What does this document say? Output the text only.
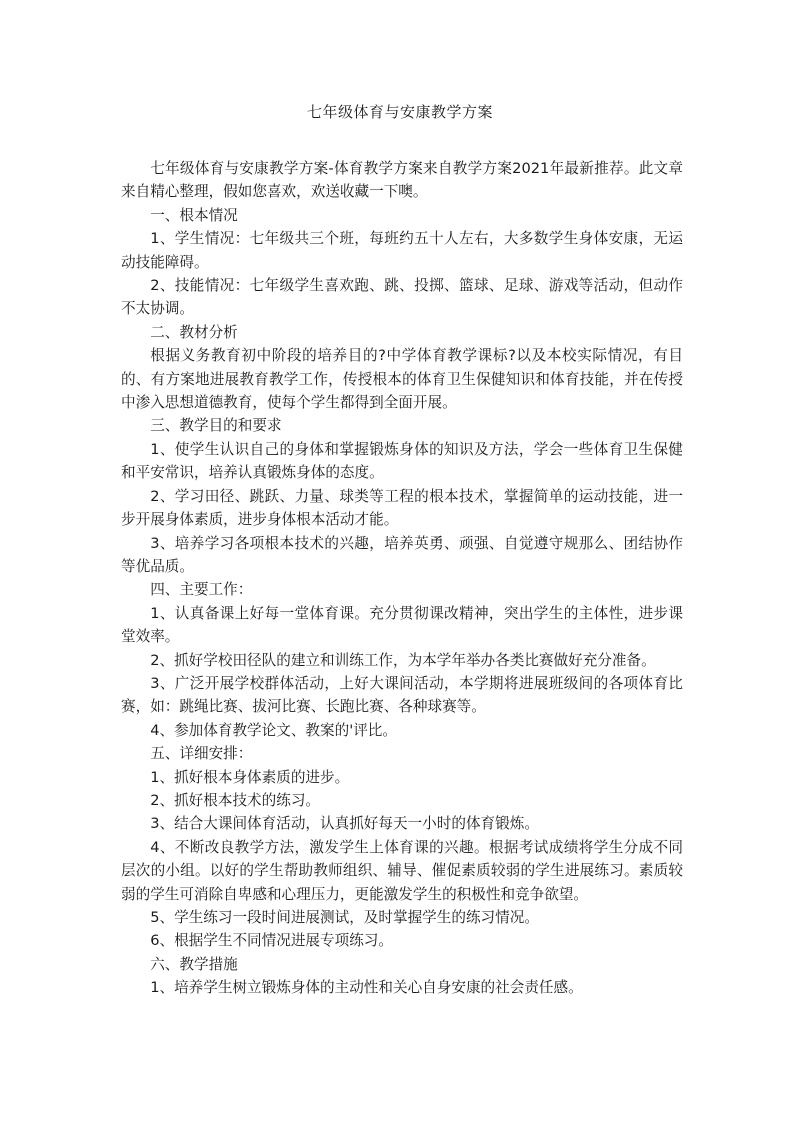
七年级体育与安康教学方案

七年级体育与安康教学方案-体育教学方案来自教学方案2021年最新推荐。此文章来自精心整理，假如您喜欢，欢送收藏一下噢。

一、根本情况

1、学生情况：七年级共三个班，每班约五十人左右，大多数学生身体安康，无运动技能障碍。

2、技能情况：七年级学生喜欢跑、跳、投掷、篮球、足球、游戏等活动，但动作不太协调。

二、教材分析

根据义务教育初中阶段的培养目的?中学体育教学课标?以及本校实际情况，有目的、有方案地进展教育教学工作，传授根本的体育卫生保健知识和体育技能，并在传授中渗入思想道德教育，使每个学生都得到全面开展。

三、教学目的和要求

1、使学生认识自己的身体和掌握锻炼身体的知识及方法，学会一些体育卫生保健和平安常识，培养认真锻炼身体的态度。

2、学习田径、跳跃、力量、球类等工程的根本技术，掌握简单的运动技能，进一步开展身体素质，进步身体根本活动才能。

3、培养学习各项根本技术的兴趣，培养英勇、顽强、自觉遵守规那么、团结协作等优品质。

四、主要工作：

1、认真备课上好每一堂体育课。充分贯彻课改精神，突出学生的主体性，进步课堂效率。

2、抓好学校田径队的建立和训练工作，为本学年举办各类比赛做好充分准备。

3、广泛开展学校群体活动，上好大课间活动，本学期将进展班级间的各项体育比赛，如：跳绳比赛、拔河比赛、长跑比赛、各种球赛等。

4、参加体育教学论文、教案的'评比。

五、详细安排：

1、抓好根本身体素质的进步。

2、抓好根本技术的练习。

3、结合大课间体育活动，认真抓好每天一小时的体育锻炼。

4、不断改良教学方法，激发学生上体育课的兴趣。根据考试成绩将学生分成不同层次的小组。以好的学生帮助教师组织、辅导、催促素质较弱的学生进展练习。素质较弱的学生可消除自卑感和心理压力，更能激发学生的积极性和竞争欲望。

5、学生练习一段时间进展测试，及时掌握学生的练习情况。

6、根据学生不同情况进展专项练习。

六、教学措施

1、培养学生树立锻炼身体的主动性和关心自身安康的社会责任感。
